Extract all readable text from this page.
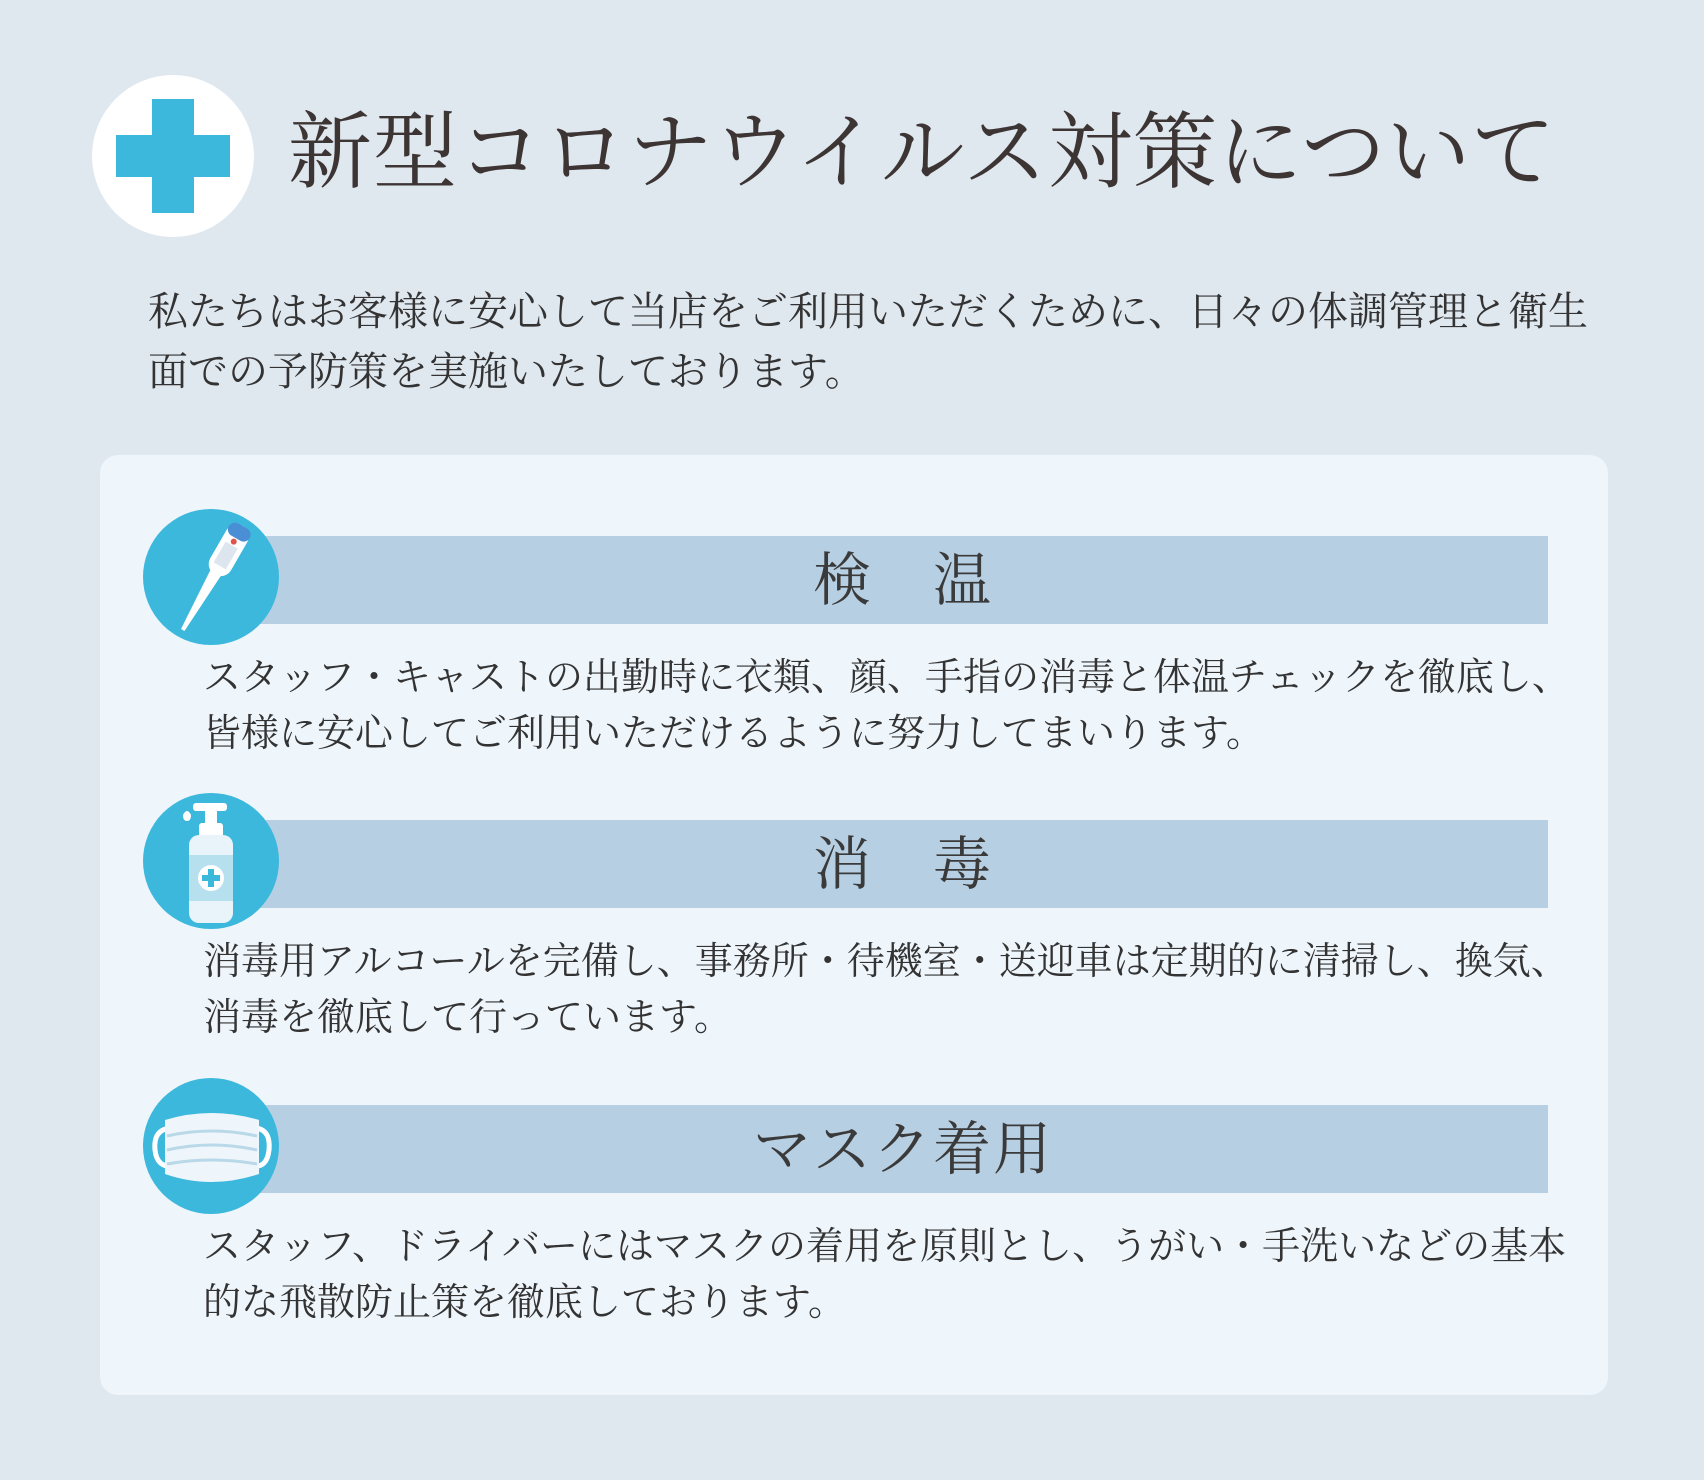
新型コロナウイルス対策について

私たちはお客様に安心して当店をご利用いただくために、日々の体調管理と衛生面での予防策を実施いたしております。

検　温

スタッフ・キャストの出勤時に衣類、顔、手指の消毒と体温チェックを徹底し、皆様に安心してご利用いただけるように努力してまいります。

消　毒

消毒用アルコールを完備し、事務所・待機室・送迎車は定期的に清掃し、換気、消毒を徹底して行っています。

マスク着用

スタッフ、ドライバーにはマスクの着用を原則とし、うがい・手洗いなどの基本的な飛散防止策を徹底しております。
